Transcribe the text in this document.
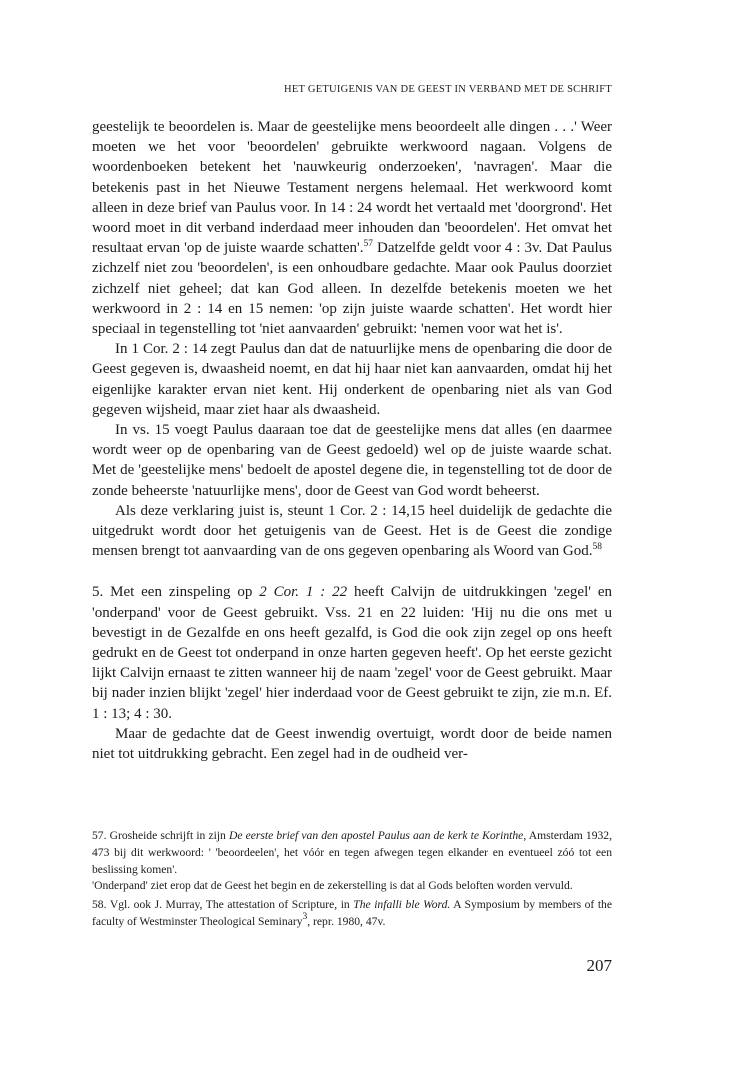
HET GETUIGENIS VAN DE GEEST IN VERBAND MET DE SCHRIFT

geestelijk te beoordelen is. Maar de geestelijke mens beoordeelt alle dingen . . .' Weer moeten we het voor 'beoordelen' gebruikte werkwoord nagaan. Volgens de woordenboeken betekent het 'nauwkeurig onderzoeken', 'navragen'. Maar die betekenis past in het Nieuwe Testament nergens helemaal. Het werkwoord komt alleen in deze brief van Paulus voor. In 14 : 24 wordt het vertaald met 'doorgrond'. Het woord moet in dit verband inderdaad meer inhouden dan 'beoordelen'. Het omvat het resultaat ervan 'op de juiste waarde schatten'.$^{57}$ Datzelfde geldt voor 4 : 3v. Dat Paulus zichzelf niet zou 'beoordelen', is een onhoudbare gedachte. Maar ook Paulus doorziet zichzelf niet geheel; dat kan God alleen. In dezelfde betekenis moeten we het werkwoord in 2 : 14 en 15 nemen: 'op zijn juiste waarde schatten'. Het wordt hier speciaal in tegenstelling tot 'niet aanvaarden' gebruikt: 'nemen voor wat het is'.

In 1 Cor. 2 : 14 zegt Paulus dan dat de natuurlijke mens de openbaring die door de Geest gegeven is, dwaasheid noemt, en dat hij haar niet kan aanvaarden, omdat hij het eigenlijke karakter ervan niet kent. Hij onderkent de openbaring niet als van God gegeven wijsheid, maar ziet haar als dwaasheid.

In vs. 15 voegt Paulus daaraan toe dat de geestelijke mens dat alles (en daarmee wordt weer op de openbaring van de Geest gedoeld) wel op de juiste waarde schat. Met de 'geestelijke mens' bedoelt de apostel degene die, in tegenstelling tot de door de zonde beheerste 'natuurlijke mens', door de Geest van God wordt beheerst.

Als deze verklaring juist is, steunt 1 Cor. 2 : 14,15 heel duidelijk de gedachte die uitgedrukt wordt door het getuigenis van de Geest. Het is de Geest die zondige mensen brengt tot aanvaarding van de ons gegeven openbaring als Woord van God.$^{58}$

5. Met een zinspeling op 2 Cor. 1 : 22 heeft Calvijn de uitdrukkingen 'zegel' en 'onderpand' voor de Geest gebruikt. Vss. 21 en 22 luiden: 'Hij nu die ons met u bevestigt in de Gezalfde en ons heeft gezalfd, is God die ook zijn zegel op ons heeft gedrukt en de Geest tot onderpand in onze harten gegeven heeft'. Op het eerste gezicht lijkt Calvijn ernaast te zitten wanneer hij de naam 'zegel' voor de Geest gebruikt. Maar bij nader inzien blijkt 'zegel' hier inderdaad voor de Geest gebruikt te zijn, zie m.n. Ef. 1 : 13; 4 : 30.

Maar de gedachte dat de Geest inwendig overtuigt, wordt door de beide namen niet tot uitdrukking gebracht. Een zegel had in de oudheid ver-

57. Grosheide schrijft in zijn De eerste brief van den apostel Paulus aan de kerk te Korinthe, Amsterdam 1932, 473 bij dit werkwoord: ' 'beoordeelen', het vóór en tegen afwegen tegen elkander en eventueel zóó tot een beslissing komen'.

'Onderpand' ziet erop dat de Geest het begin en de zekerstelling is dat al Gods beloften worden vervuld.

58. Vgl. ook J. Murray, The attestation of Scripture, in The infalli ble Word. A Symposium by members of the faculty of Westminster Theological Seminary$^3$, repr. 1980, 47v.

207
